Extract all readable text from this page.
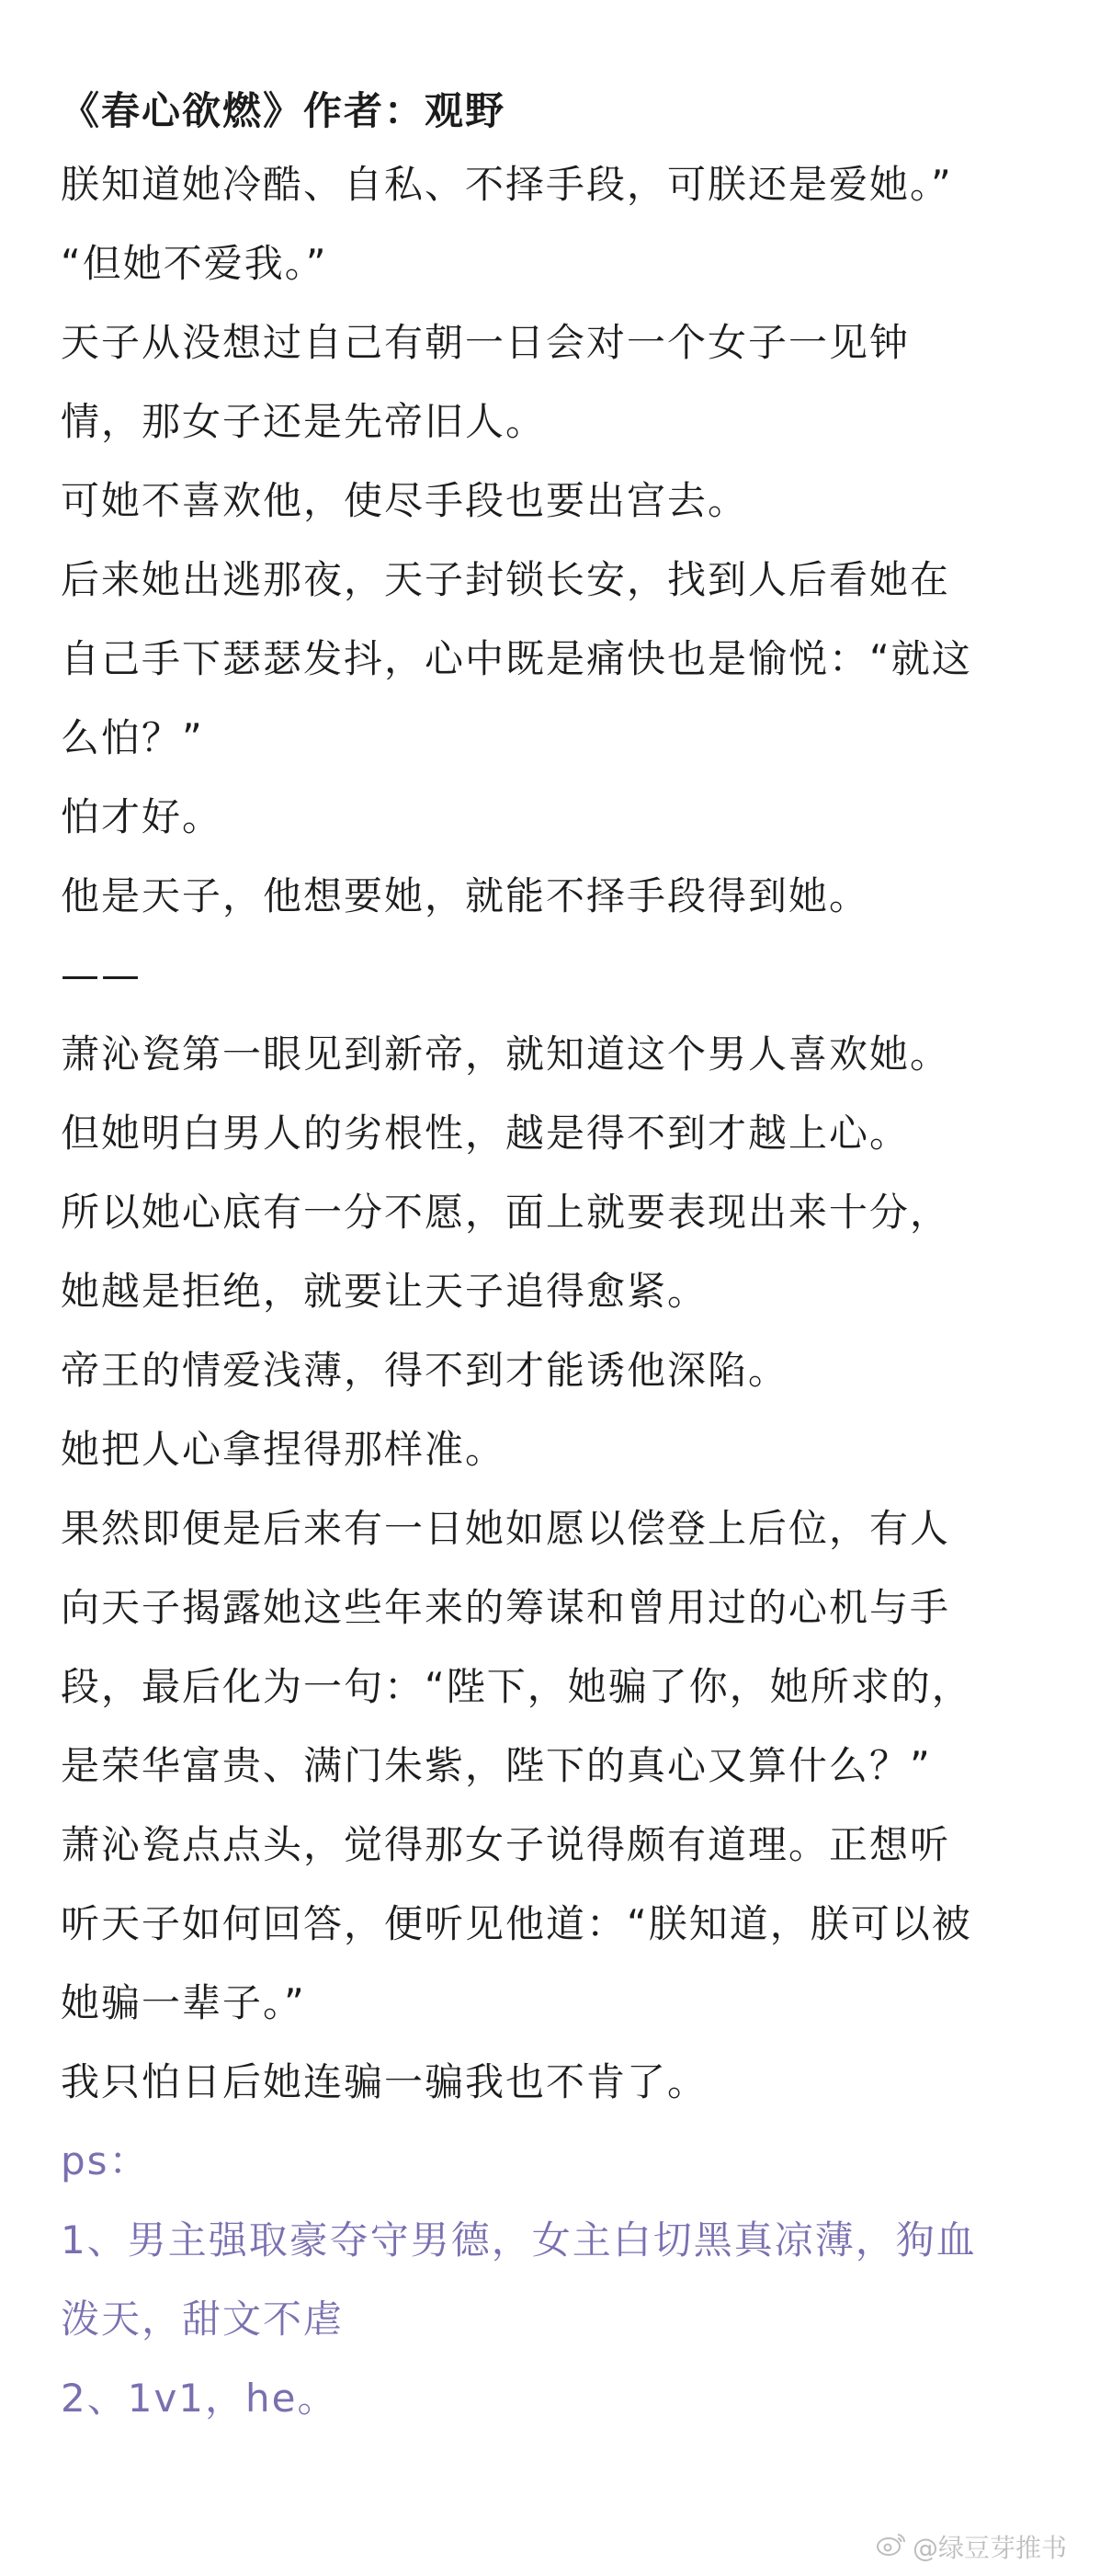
《春心欲燃》作者：观野
朕知道她冷酷、自私、不择手段，可朕还是爱她。”
“但她不爱我。”
天子从没想过自己有朝一日会对一个女子一见钟
情，那女子还是先帝旧人。
可她不喜欢他，使尽手段也要出宫去。
后来她出逃那夜，天子封锁长安，找到人后看她在
自己手下瑟瑟发抖，心中既是痛快也是愉悦：“就这
么怕？”
怕才好。
他是天子，他想要她，就能不择手段得到她。
——
萧沁瓷第一眼见到新帝，就知道这个男人喜欢她。
但她明白男人的劣根性，越是得不到才越上心。
所以她心底有一分不愿，面上就要表现出来十分，
她越是拒绝，就要让天子追得愈紧。
帝王的情爱浅薄，得不到才能诱他深陷。
她把人心拿捏得那样准。
果然即便是后来有一日她如愿以偿登上后位，有人
向天子揭露她这些年来的筹谋和曾用过的心机与手
段，最后化为一句：“陛下，她骗了你，她所求的，
是荣华富贵、满门朱紫，陛下的真心又算什么？”
萧沁瓷点点头，觉得那女子说得颇有道理。正想听
听天子如何回答，便听见他道：“朕知道，朕可以被
她骗一辈子。”
我只怕日后她连骗一骗我也不肯了。
ps：
1、男主强取豪夺守男德，女主白切黑真凉薄，狗血
泼天，甜文不虐
2、1v1，he。
@绿豆芽推书
